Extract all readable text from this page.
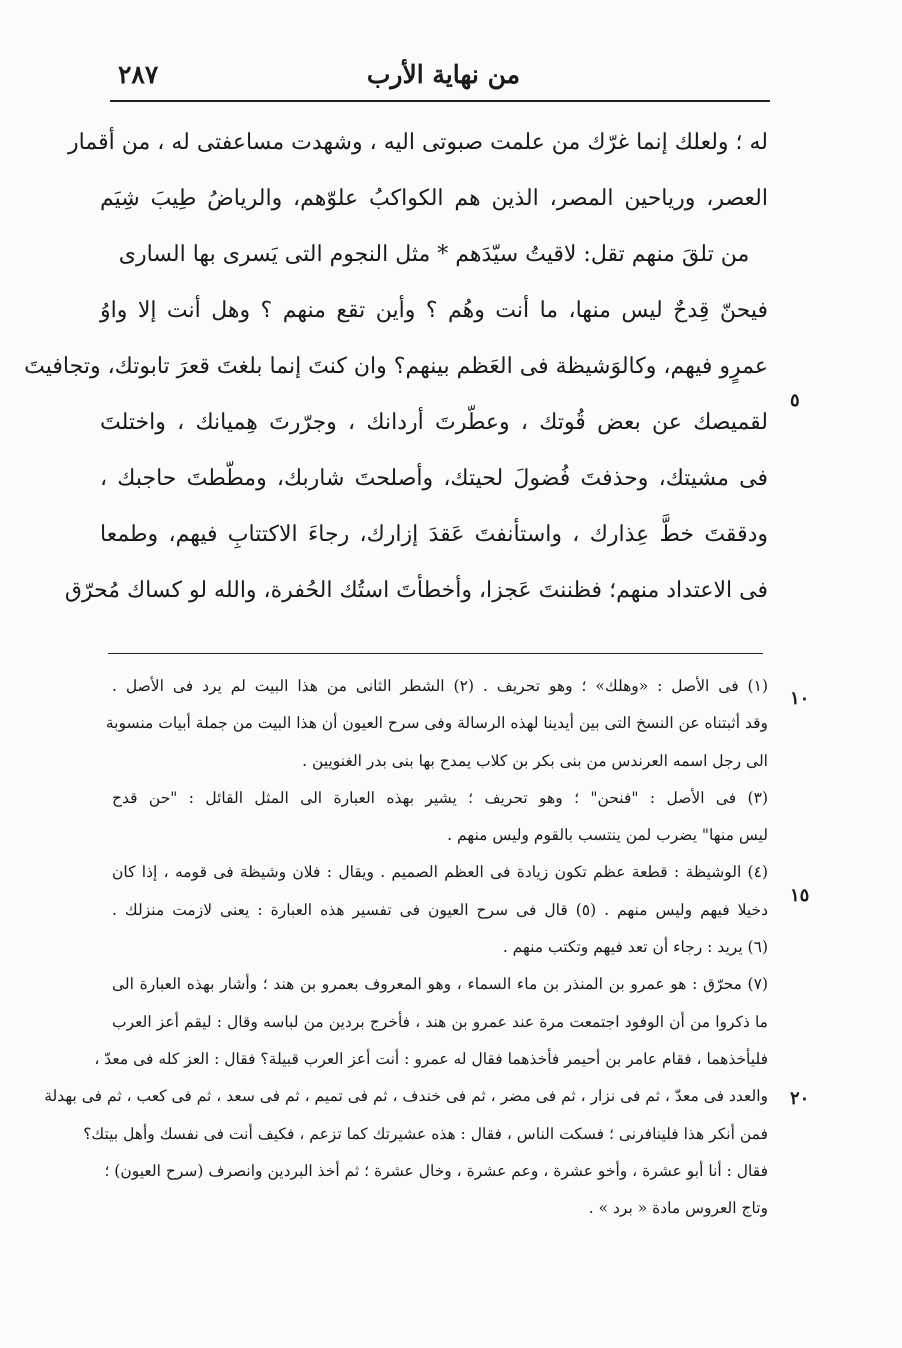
٢٨٧	من نهاية الأرب
له ؛ ولعلك إنما غرّك من علمت صبوتى اليه ، وشهدت مساعفتى له ، من أقمار
العصر، ورياحين المصر، الذين هم الكواكبُ علوّهم، والرياضُ طِيبَ شِيَم
من تلقَ منهم تقل: لاقيتُ سيّدَهم * مثل النجوم التى يَسرى بها السارى
فيحنّ قِدحٌ ليس منها، ما أنت وهُم ؟ وأين تقع منهم ؟ وهل أنت إلا واوُ
عمرٍو فيهم، وكالوَشيظة فى العَظم بينهم؟ وان كنتَ إنما بلغتَ قعرَ تابوتك، وتجافيتَ
لقميصك عن بعض قُوتك ، وعطّرتَ أردانك ، وجرّرتَ هِميانك ، واختلتَ
فى مشيتك، وحذفتَ فُضولَ لحيتك، وأصلحتَ شاربك، ومطّطتَ حاجبك ،
ودققتَ خطَّ عِذارك ، واستأنفتَ عَقدَ إزارك، رجاءَ الاكتتابِ فيهم، وطمعا
فى الاعتداد منهم؛ فظننتَ عَجزا، وأخطأتَ استُك الحُفرة، والله لو كساك مُحرّق
٥
(١) فى الأصل : «وهلك» ؛ وهو تحريف . (٢) الشطر الثانى من هذا البيت لم يرد فى الأصل .
وقد أثبتناه عن النسخ التى بين أيدينا لهذه الرسالة وفى سرح العيون أن هذا البيت من جملة أبيات منسوبة
الى رجل اسمه العرندس من بنى بكر بن كلاب يمدح بها بنى بدر الغنويين .
(٣) فى الأصل : "فنحن" ؛ وهو تحريف ؛ يشير بهذه العبارة الى المثل القائل : "حن قدح
ليس منها" يضرب لمن ينتسب بالقوم وليس منهم .
(٤) الوشيظة : قطعة عظم تكون زيادة فى العظم الصميم . ويقال : فلان وشيظة فى قومه ، إذا كان
دخيلا فيهم وليس منهم . (٥) قال فى سرح العيون فى تفسير هذه العبارة : يعنى لازمت منزلك .
(٦) يريد : رجاء أن تعد فيهم وتكتب منهم .
(٧) محرّق : هو عمرو بن المنذر بن ماء السماء ، وهو المعروف بعمرو بن هند ؛ وأشار بهذه العبارة الى
ما ذكروا من أن الوفود اجتمعت مرة عند عمرو بن هند ، فأخرج بردين من لباسه وقال : ليقم أعز العرب
فليأخذهما ، فقام عامر بن أحيمر فأخذهما فقال له عمرو : أنت أعز العرب قبيلة؟ فقال : العز كله فى معدّ ،
والعدد فى معدّ ، ثم فى نزار ، ثم فى مضر ، ثم فى خندف ، ثم فى تميم ، ثم فى سعد ، ثم فى كعب ، ثم فى بهدلة
فمن أنكر هذا فلينافرنى ؛ فسكت الناس ، فقال : هذه عشيرتك كما تزعم ، فكيف أنت فى نفسك وأهل بيتك؟
فقال : أنا أبو عشرة ، وأخو عشرة ، وعم عشرة ، وخال عشرة ؛ ثم أخذ البردين وانصرف (سرح العيون) ؛
وتاج العروس مادة « برد » .
١٠
١٥
٢٠
